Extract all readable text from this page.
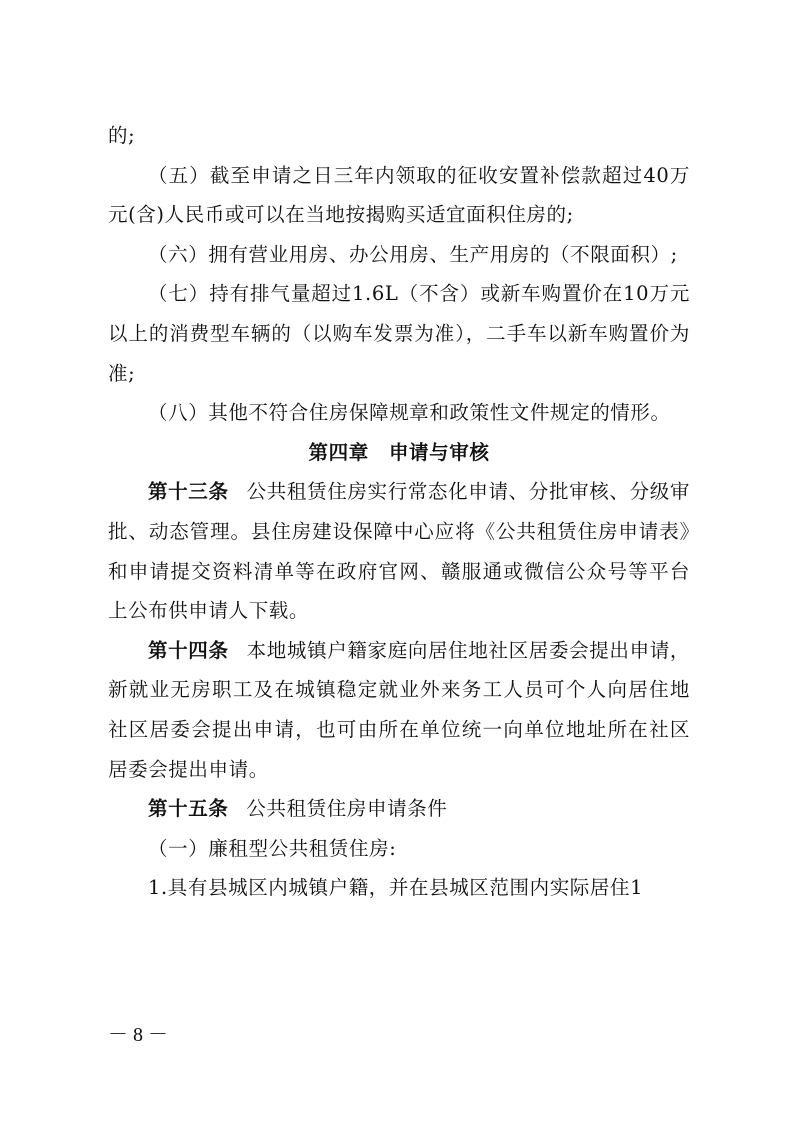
的;

（五）截至申请之日三年内领取的征收安置补偿款超过40万元(含)人民币或可以在当地按揭购买适宜面积住房的;

（六）拥有营业用房、办公用房、生产用房的（不限面积）;

（七）持有排气量超过1.6L（不含）或新车购置价在10万元以上的消费型车辆的（以购车发票为准），二手车以新车购置价为准;

（八）其他不符合住房保障规章和政策性文件规定的情形。

第四章　申请与审核

第十三条 公共租赁住房实行常态化申请、分批审核、分级审批、动态管理。县住房建设保障中心应将《公共租赁住房申请表》和申请提交资料清单等在政府官网、赣服通或微信公众号等平台上公布供申请人下载。

第十四条 本地城镇户籍家庭向居住地社区居委会提出申请，新就业无房职工及在城镇稳定就业外来务工人员可个人向居住地社区居委会提出申请，也可由所在单位统一向单位地址所在社区居委会提出申请。

第十五条 公共租赁住房申请条件

（一）廉租型公共租赁住房:

1.具有县城区内城镇户籍，并在县城区范围内实际居住1

－ 8 －
